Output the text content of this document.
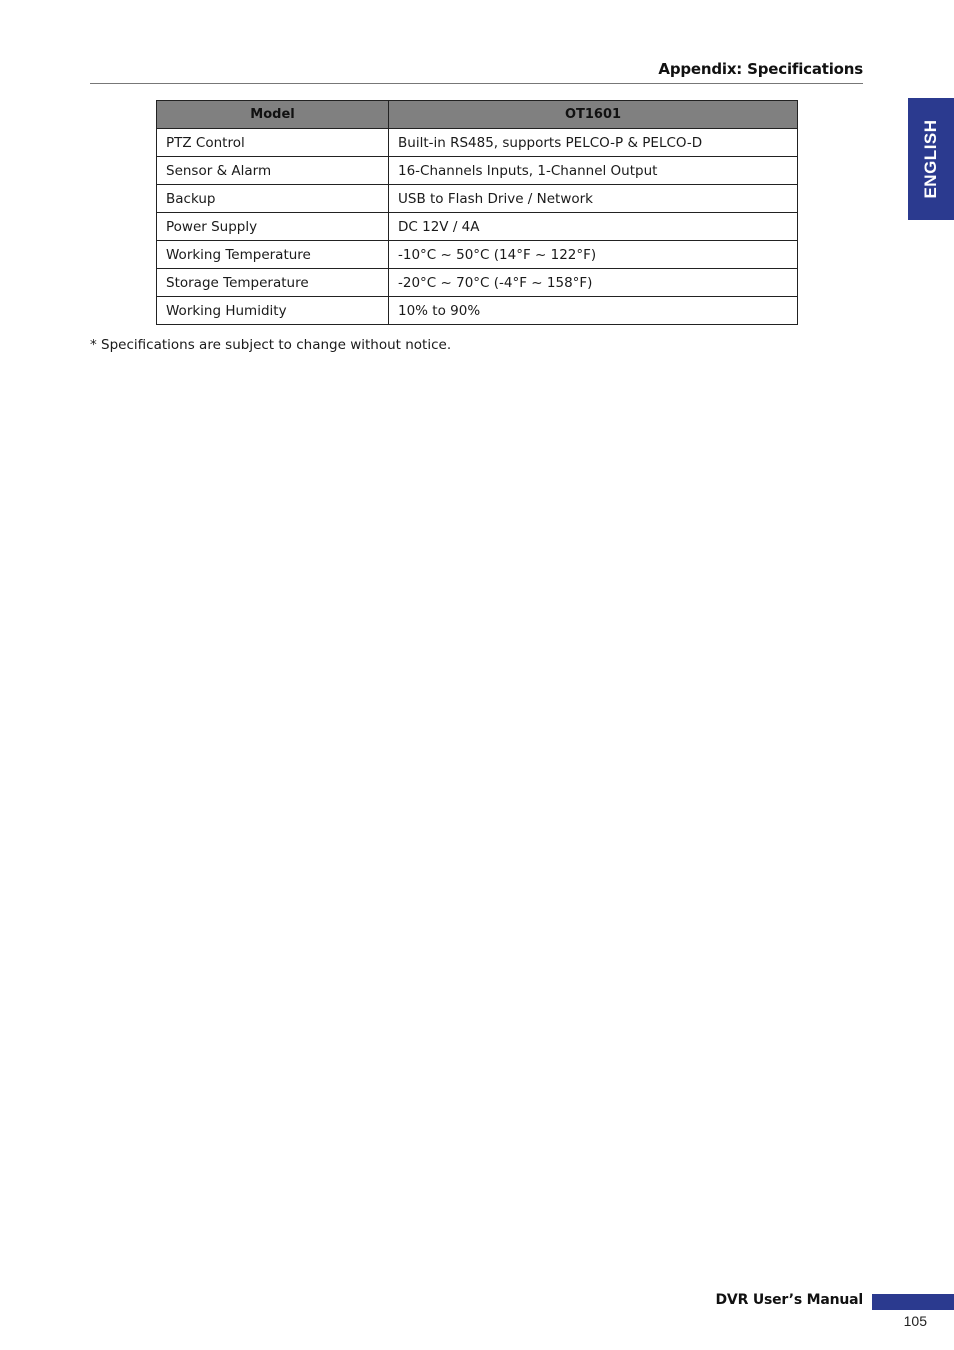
Appendix: Specifications
ENGLISH
Model	OT1601
PTZ Control	Built-in RS485, supports PELCO-P & PELCO-D
Sensor & Alarm	16-Channels Inputs, 1-Channel Output
Backup	USB to Flash Drive / Network
Power Supply	DC 12V / 4A
Working Temperature	-10°C ~ 50°C (14°F ~ 122°F)
Storage Temperature	-20°C ~ 70°C (-4°F ~ 158°F)
Working Humidity	10% to 90%
* Specifications are subject to change without notice.
DVR User’s Manual
105
